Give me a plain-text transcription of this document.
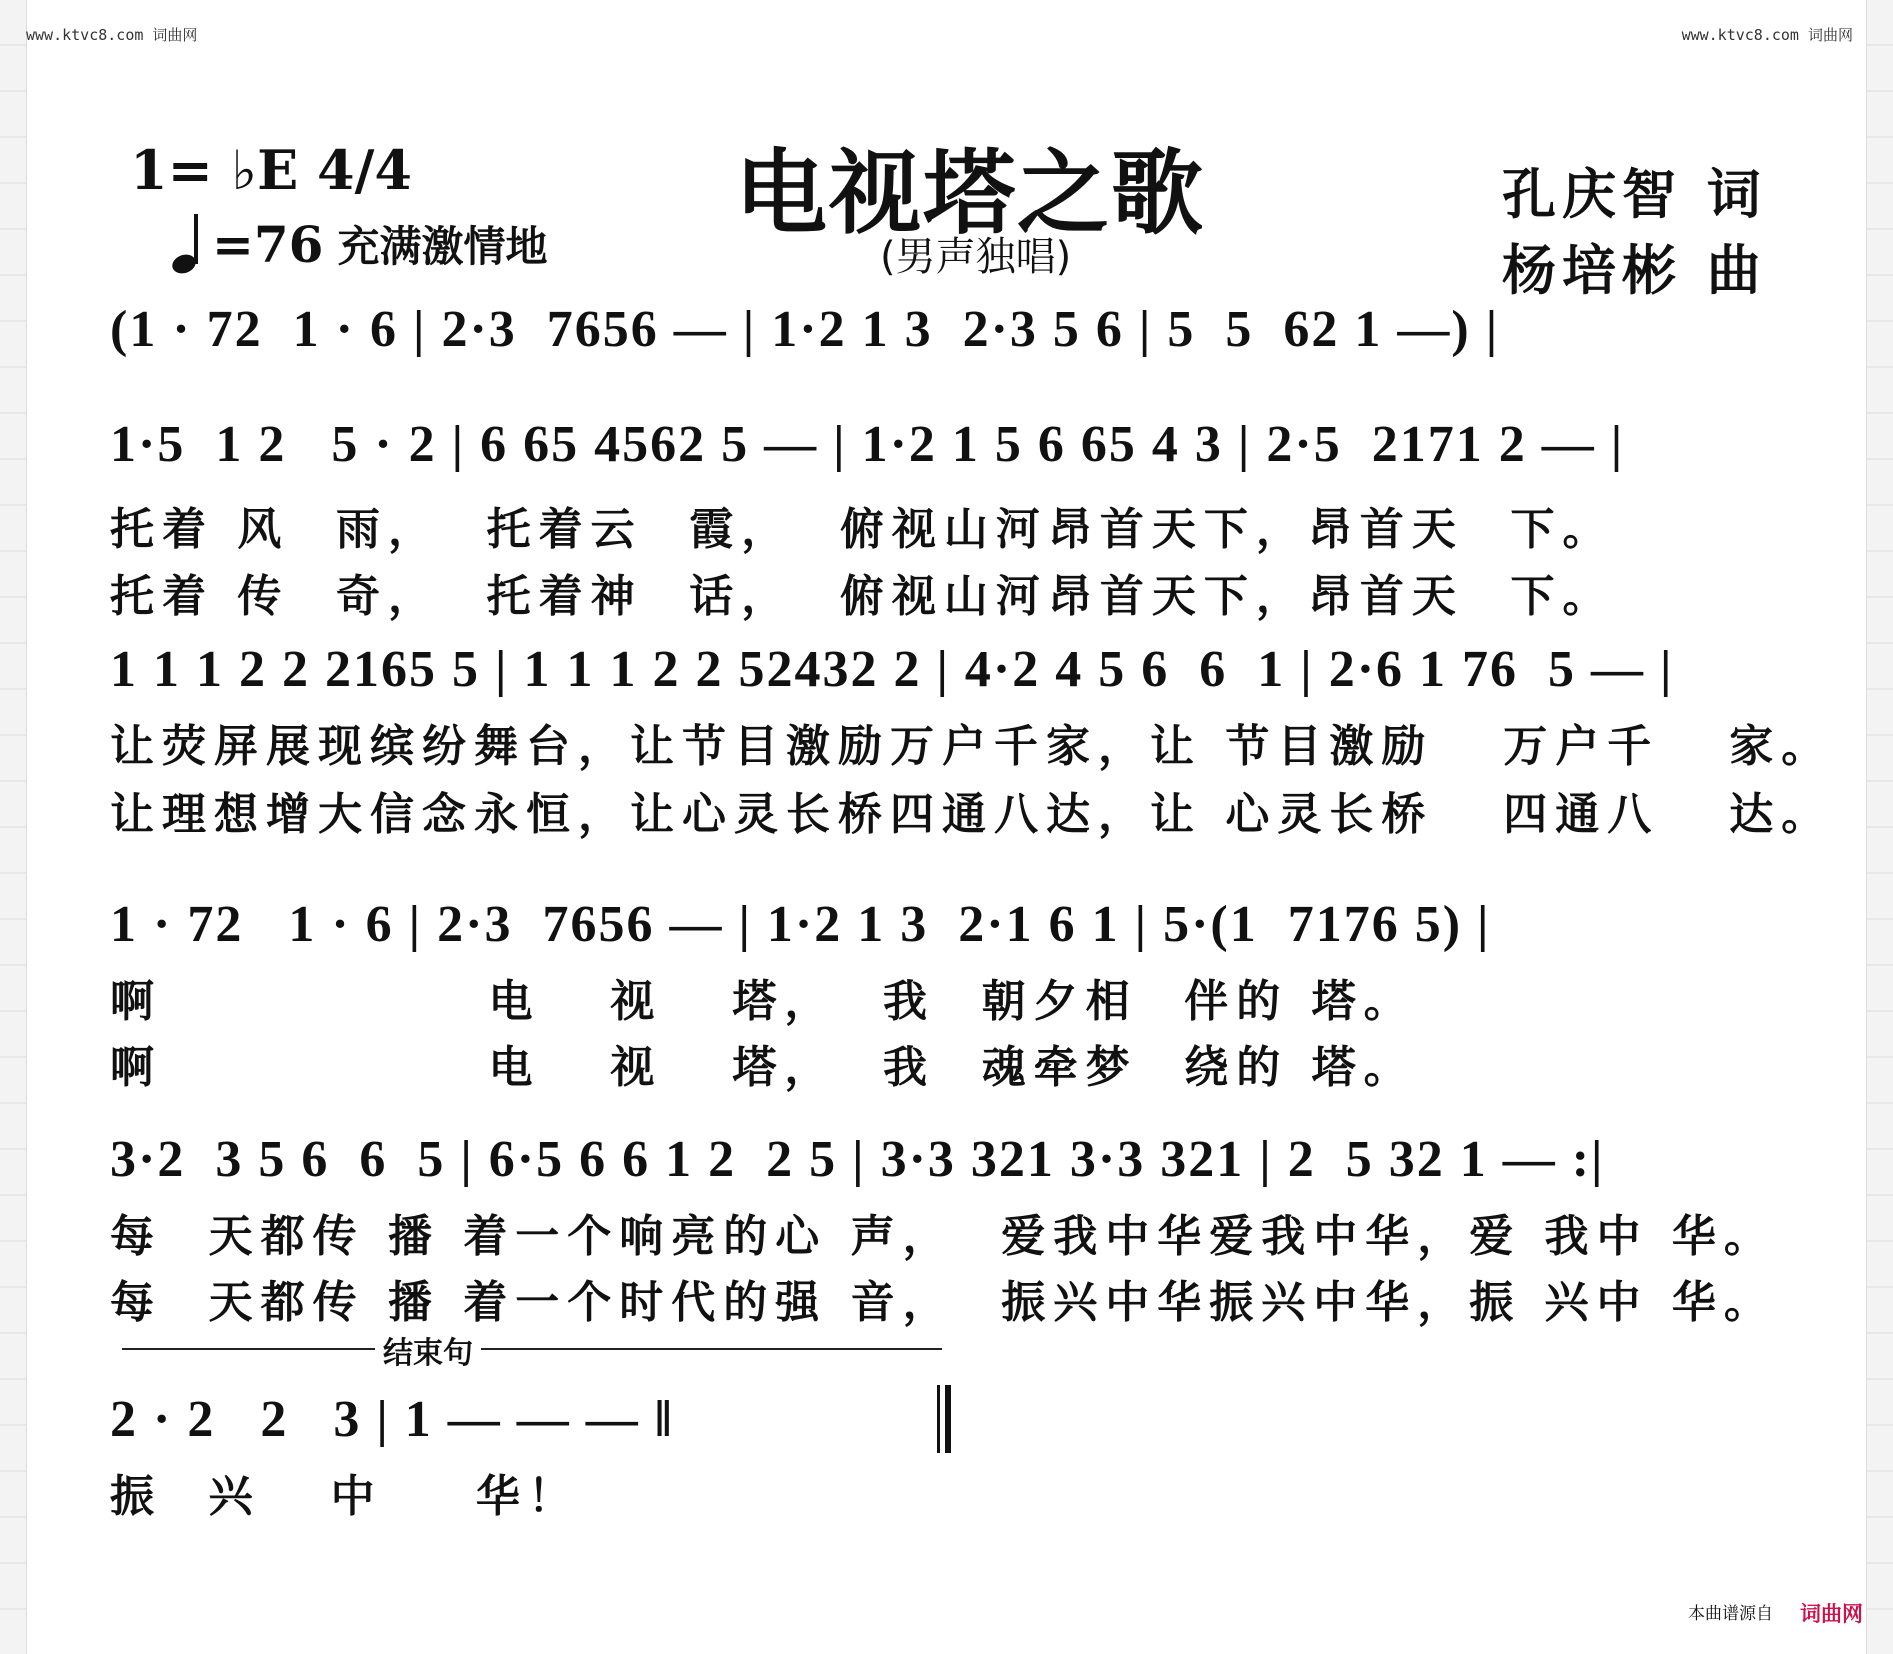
www.ktvc8.com 词曲网	www.ktvc8.com 词曲网
1= ♭E 4/4	电视塔之歌
(男声独唱)
=76 充满激情地
孔庆智 词
杨培彬 曲
(1 · 72  1 · 6 | 2·3  7656 — | 1·2 1 3  2·3 5 6 | 5  5  62 1 —) |
1·5  1 2   5 · 2 | 6 65 4562 5 — | 1·2 1 5 6 65 4 3 | 2·5  2171 2 — |
托着 风  雨，  托着云  霞，  俯视山河昂首天下，昂首天  下。
托着 传  奇，  托着神  话，  俯视山河昂首天下，昂首天  下。
1 1 1 2 2 2165 5 | 1 1 1 2 2 52432 2 | 4·2 4 5 6  6  1 | 2·6 1 76  5 — |
让荧屏展现缤纷舞台，让节目激励万户千家，让 节目激励   万户千   家。
让理想增大信念永恒，让心灵长桥四通八达，让 心灵长桥   四通八   达。
1 · 72   1 · 6 | 2·3  7656 — | 1·2 1 3  2·1 6 1 | 5·(1  7176 5) |
啊              电   视   塔，  我  朝夕相  伴的 塔。
啊              电   视   塔，  我  魂牵梦  绕的 塔。
3·2  3 5 6  6  5 | 6·5 6 6 1 2  2 5 | 3·3 321 3·3 321 | 2  5 32 1 — :|
每  天都传 播 着一个响亮的心 声，  爱我中华爱我中华，爱 我中 华。
每  天都传 播 着一个时代的强 音，  振兴中华振兴中华，振 兴中 华。
结束句
2 · 2   2   3 | 1 — — — ‖
振  兴   中    华！
本曲谱源自 词曲网
